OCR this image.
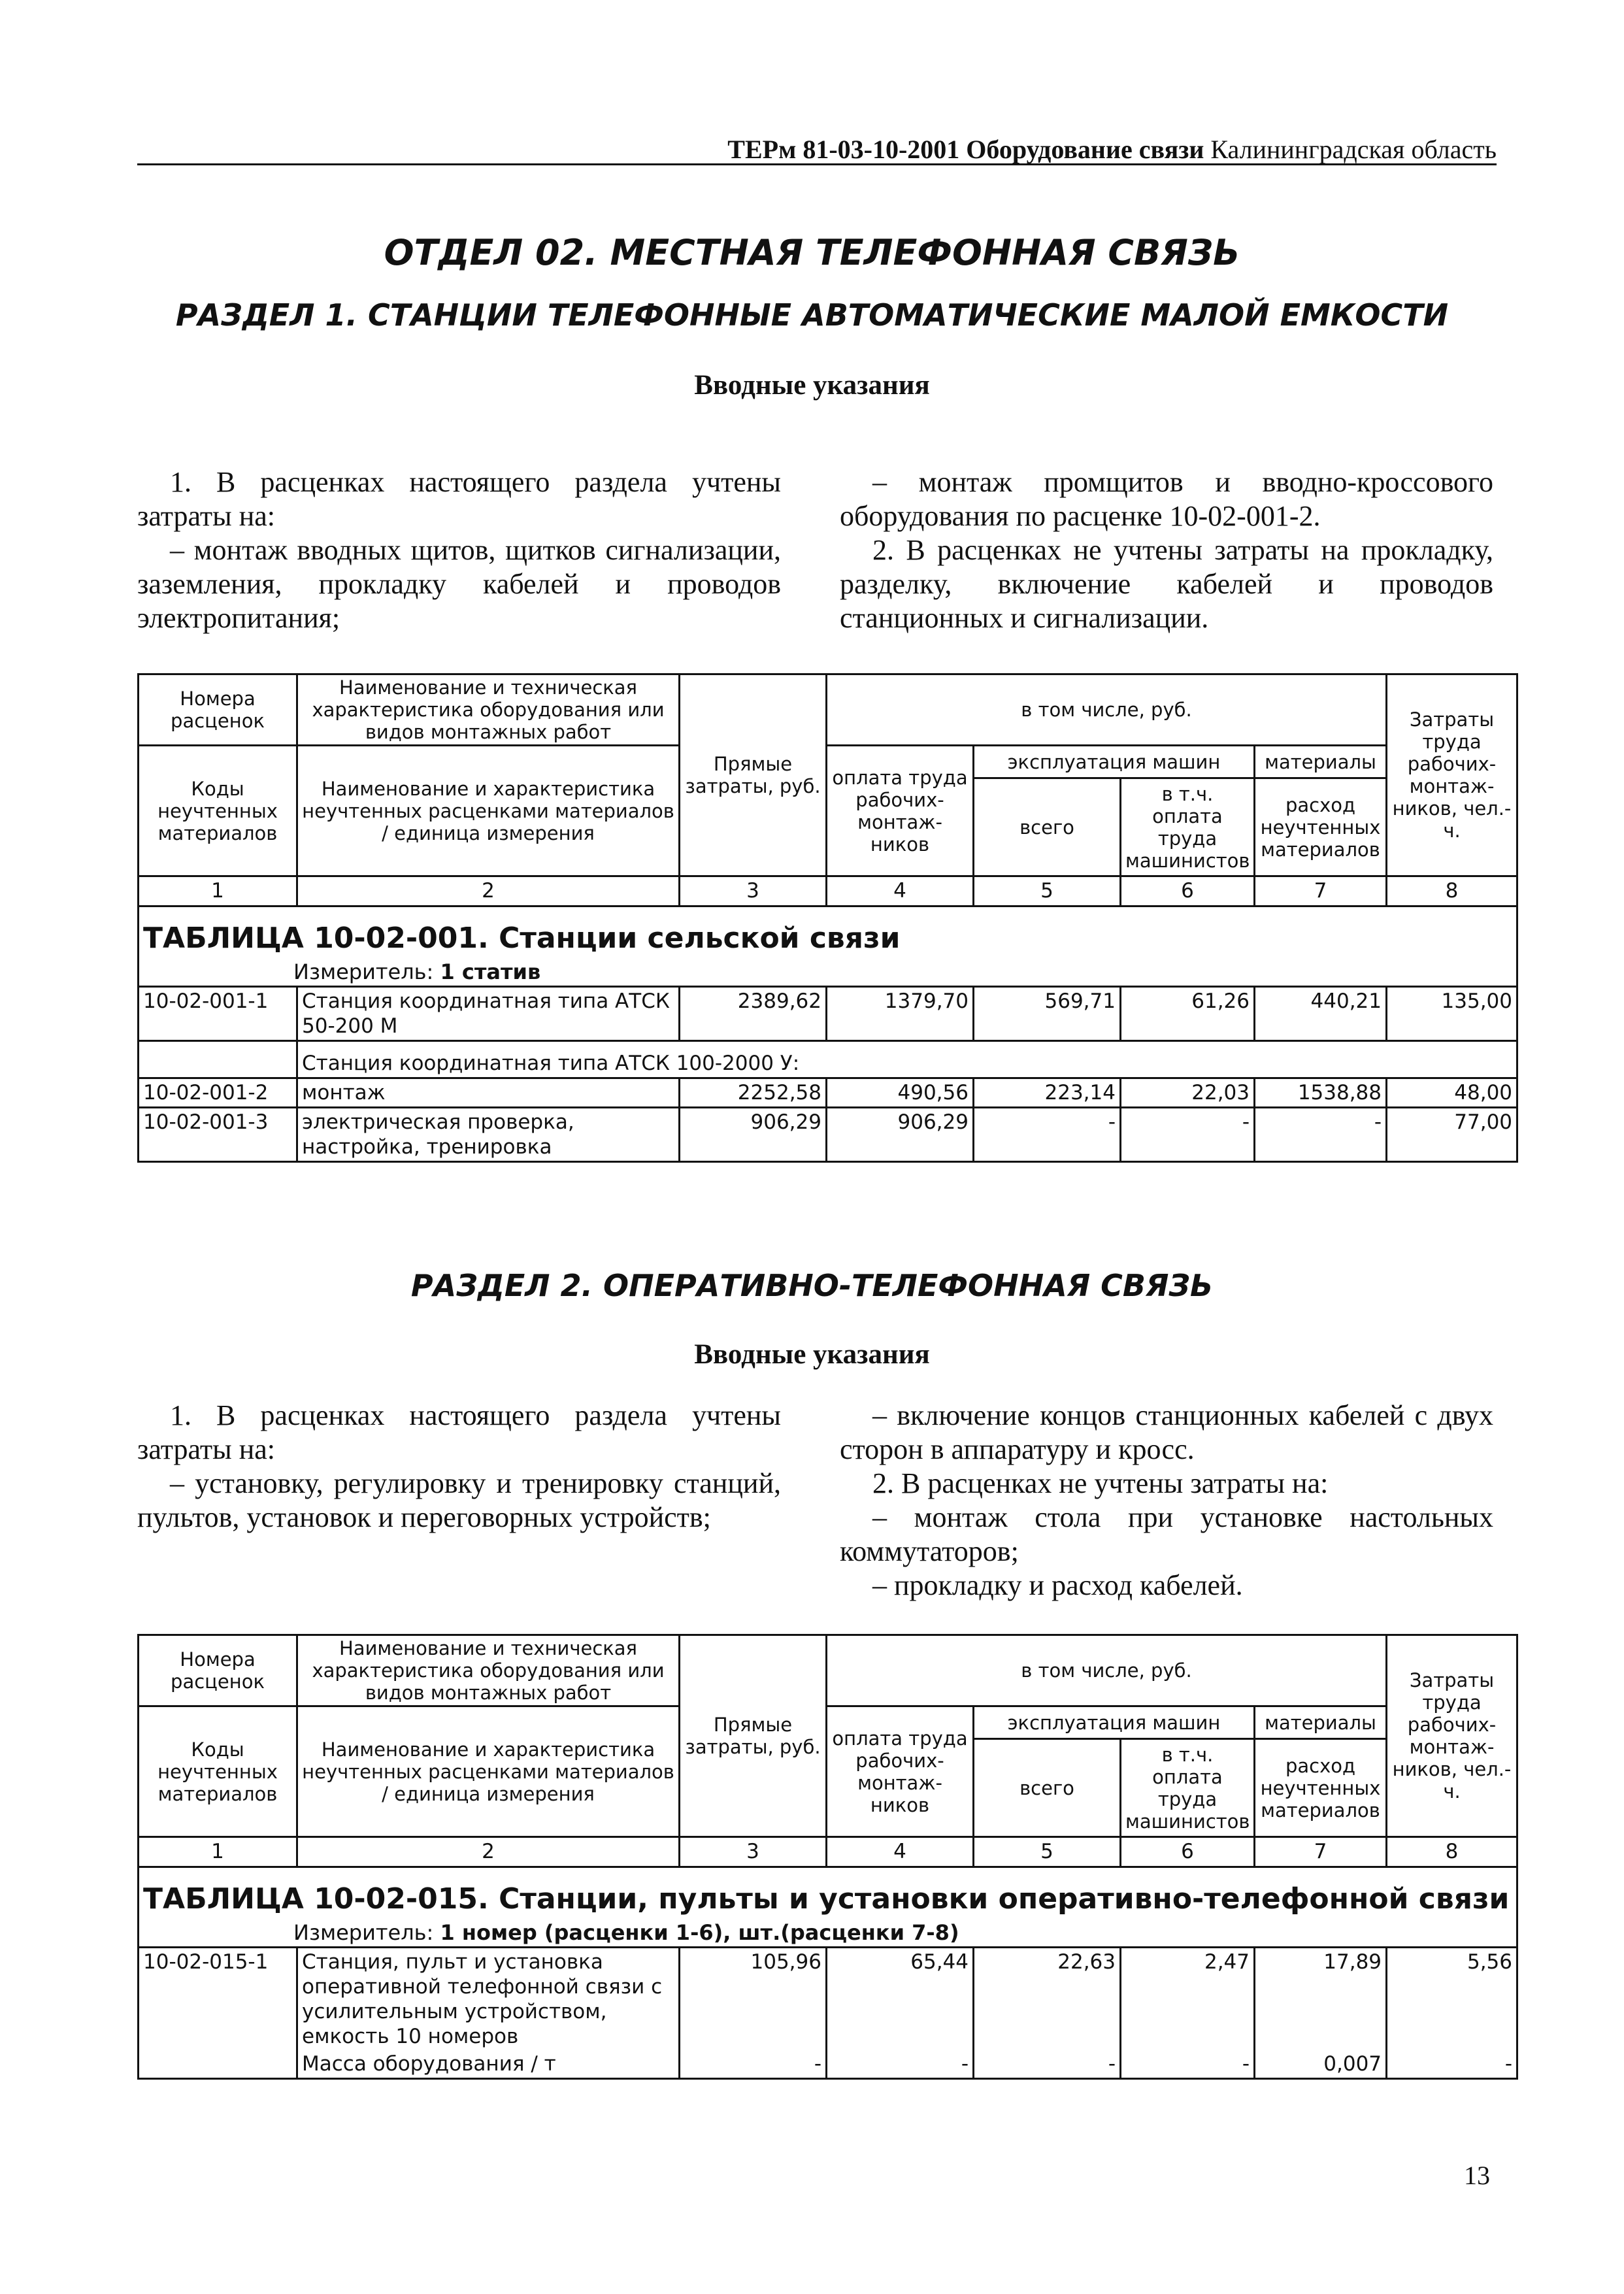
ТЕРм 81-03-10-2001 Оборудование связи Калининградская область
ОТДЕЛ 02. МЕСТНАЯ ТЕЛЕФОННАЯ СВЯЗЬ
РАЗДЕЛ 1. СТАНЦИИ ТЕЛЕФОННЫЕ АВТОМАТИЧЕСКИЕ МАЛОЙ ЕМКОСТИ
Вводные указания

1. В расценках настоящего раздела учтены затраты на:

– монтаж вводных щитов, щитков сигнализации, заземления, прокладку кабелей и проводов электропитания;

– монтаж промщитов и вводно-кроссового оборудования по расценке 10-02-001-2.

2. В расценках не учтены затраты на прокладку, разделку, включение кабелей и проводов станционных и сигнализации.

Номера расценок	Наименование и техническая характеристика оборудования или видов монтажных работ	Прямые затраты, руб.	в том числе, руб.				Затраты труда рабочих-монтаж-ников, чел.-ч.
Коды неучтенных материалов	Наименование и характеристика неучтенных расценками материалов / единица измерения		оплата труда рабочих-монтаж-ников	эксплуатация машин		материалы	
				всего	в т.ч. оплата труда машинистов	расход неучтенных материалов	
1	2	3	4	5	6	7	8
ТАБЛИЦА 10-02-001. Станции сельской связи							
Измеритель: 1 статив							
10-02-001-1	Станция координатная типа АТСК 50-200 М	2389,62	1379,70	569,71	61,26	440,21	135,00
	Станция координатная типа АТСК 100-2000 У:						
10-02-001-2	монтаж	2252,58	490,56	223,14	22,03	1538,88	48,00
10-02-001-3	электрическая проверка, настройка, тренировка	906,29	906,29	-	-	-	77,00
РАЗДЕЛ 2. ОПЕРАТИВНО-ТЕЛЕФОННАЯ СВЯЗЬ
Вводные указания

1. В расценках настоящего раздела учтены затраты на:

– установку, регулировку и тренировку станций, пультов, установок и переговорных устройств;

– включение концов станционных кабелей с двух сторон в аппаратуру и кросс.

2. В расценках не учтены затраты на:

– монтаж стола при установке настольных коммутаторов;

– прокладку и расход кабелей.

Номера расценок	Наименование и техническая характеристика оборудования или видов монтажных работ	Прямые затраты, руб.	в том числе, руб.				Затраты труда рабочих-монтаж-ников, чел.-ч.
Коды неучтенных материалов	Наименование и характеристика неучтенных расценками материалов / единица измерения		оплата труда рабочих-монтаж-ников	эксплуатация машин		материалы	
				всего	в т.ч. оплата труда машинистов	расход неучтенных материалов	
1	2	3	4	5	6	7	8
ТАБЛИЦА 10-02-015. Станции, пульты и установки оперативно-телефонной связи							
Измеритель: 1 номер (расценки 1-6), шт.(расценки 7-8)							
10-02-015-1	Станция, пульт и установка оперативной телефонной связи с усилительным устройством, емкость 10 номеров	105,96	65,44	22,63	2,47	17,89	5,56
	Масса оборудования / т	-	-	-	-	0,007	-
13
